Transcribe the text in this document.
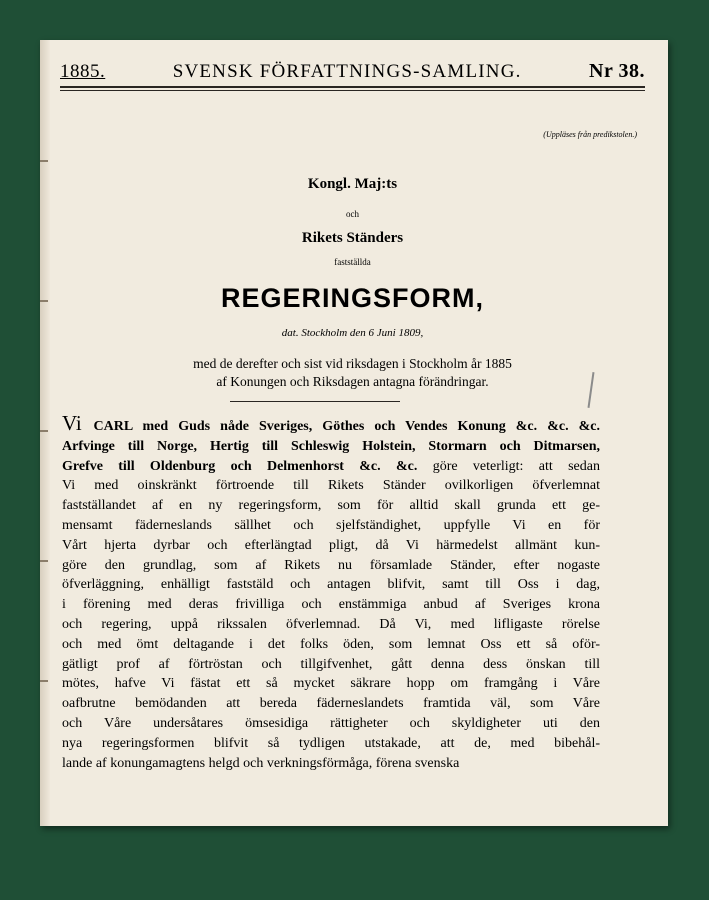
1885.	SVENSK FÖRFATTNINGS-SAMLING.	Nr 38.
(Uppläses från predikstolen.)
Kongl. Maj:ts
och
Rikets Ständers
fastställda
REGERINGSFORM,
dat. Stockholm den 6 Juni 1809,
med de derefter och sist vid riksdagen i Stockholm år 1885
af Konungen och Riksdagen antagna förändringar.
Vi CARL med Guds nåde Sveriges, Göthes och Vendes Konung &c. &c. &c.
Arfvinge till Norge, Hertig till Schleswig Holstein, Stormarn och Ditmarsen,
Grefve till Oldenburg och Delmenhorst &c. &c. göre veterligt: att sedan
Vi med oinskränkt förtroende till Rikets Ständer ovilkorligen öfverlemnat
fastställandet af en ny regeringsform, som för alltid skall grunda ett ge-
mensamt fäderneslands sällhet och sjelfständighet, uppfylle Vi en för
Vårt hjerta dyrbar och efterlängtad pligt, då Vi härmedelst allmänt kun-
göre den grundlag, som af Rikets nu församlade Ständer, efter nogaste
öfverläggning, enhälligt faststäld och antagen blifvit, samt till Oss i dag,
i förening med deras frivilliga och enstämmiga anbud af Sveriges krona
och regering, uppå rikssalen öfverlemnad. Då Vi, med lifligaste rörelse
och med ömt deltagande i det folks öden, som lemnat Oss ett så oför-
gätligt prof af förtröstan och tillgifvenhet, gått denna dess önskan till
mötes, hafve Vi fästat ett så mycket säkrare hopp om framgång i Våre
oafbrutne bemödanden att bereda fäderneslandets framtida väl, som Våre
och Våre undersåtares ömsesidiga rättigheter och skyldigheter uti den
nya regeringsformen blifvit så tydligen utstakade, att de, med bibehål-
lande af konungamagtens helgd och verkningsförmåga, förena svenska
